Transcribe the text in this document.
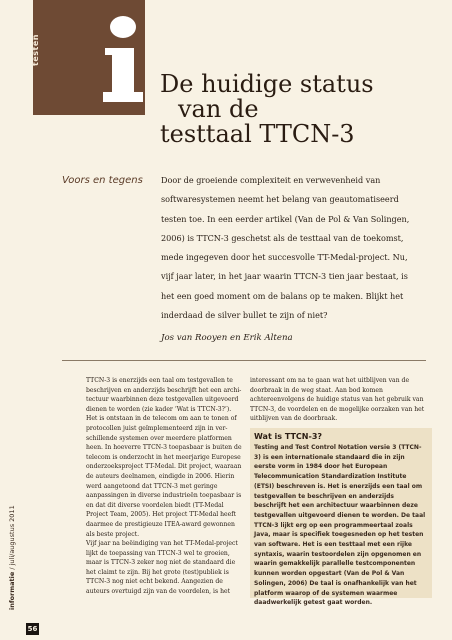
testen
De huidige status
van de
testtaal TTCN-3
Voors en tegens Door de groeiende complexiteit en verwevenheid van softwaresystemen neemt het belang van geautomatiseerd testen toe. In een eerder artikel (Van de Pol & Van Solingen, 2006) is TTCN-3 geschetst als de testtaal van de toekomst, mede ingegeven door het succesvolle TT-Medal-project. Nu, vijf jaar later, in het jaar waarin TTCN-3 tien jaar bestaat, is het een goed moment om de balans op te maken. Blijkt het inderdaad de silver bullet te zijn of niet?

Jos van Rooyen en Erik Altena

TTCN-3 is enerzijds een taal om testgevallen te beschrijven en anderzijds beschrijft het een architectuur waarbinnen deze testgevallen uitgevoerd dienen te worden (zie kader ‘Wat is TTCN-3?’). Het is ontstaan in de telecom om aan te tonen of protocollen juist geïmplementeerd zijn in verschillende systemen over meerdere platformen heen. In hoeverre TTCN-3 toepasbaar is buiten de telecom is onderzocht in het meerjarige Europese onderzoeksproject TT-Medal. Dit project, waaraan de auteurs deelnamen, eindigde in 2006. Hierin werd aangetoond dat TTCN-3 met geringe aanpassingen in diverse industrieën toepasbaar is en dat dit diverse voordelen biedt (TT-Medal Project Team, 2005). Het project TT-Medal heeft daarmee de prestigieuze ITEA-award gewonnen als beste project.

Vijf jaar na beëindiging van het TT-Medal-project lijkt de toepassing van TTCN-3 wel te groeien, maar is TTCN-3 zeker nog niet de standaard die het claimt te zijn. Bij het grote (test)publiek is TTCN-3 nog niet echt bekend. Aangezien de auteurs overtuigd zijn van de voordelen, is het

interessant om na te gaan wat het uitblijven van de doorbraak in de weg staat. Aan bod komen achtereenvolgens de huidige status van het gebruik van TTCN-3, de voordelen en de mogelijke oorzaken van het uitblijven van de doorbraak.

Wat is TTCN-3?

Testing and Test Control Notation versie 3 (TTCN-3) is een internationale standaard die in zijn eerste vorm in 1984 door het European Telecommunication Standardization Institute (ETSI) beschreven is. Het is enerzijds een taal om testgevallen te beschrijven en anderzijds beschrijft het een architectuur waarbinnen deze testgevallen uitgevoerd dienen te worden. De taal TTCN-3 lijkt erg op een programmeertaal zoals Java, maar is specifiek toegesneden op het testen van software. Het is een testtaal met een rijke syntaxis, waarin testoordelen zijn opgenomen en waarin gemakkelijk parallelle testcomponenten kunnen worden opgestart (Van de Pol & Van Solingen, 2006) De taal is onafhankelijk van het platform waarop of de systemen waarmee daadwerkelijk getest gaat worden.

informatie / juli/augustus 2011
56
